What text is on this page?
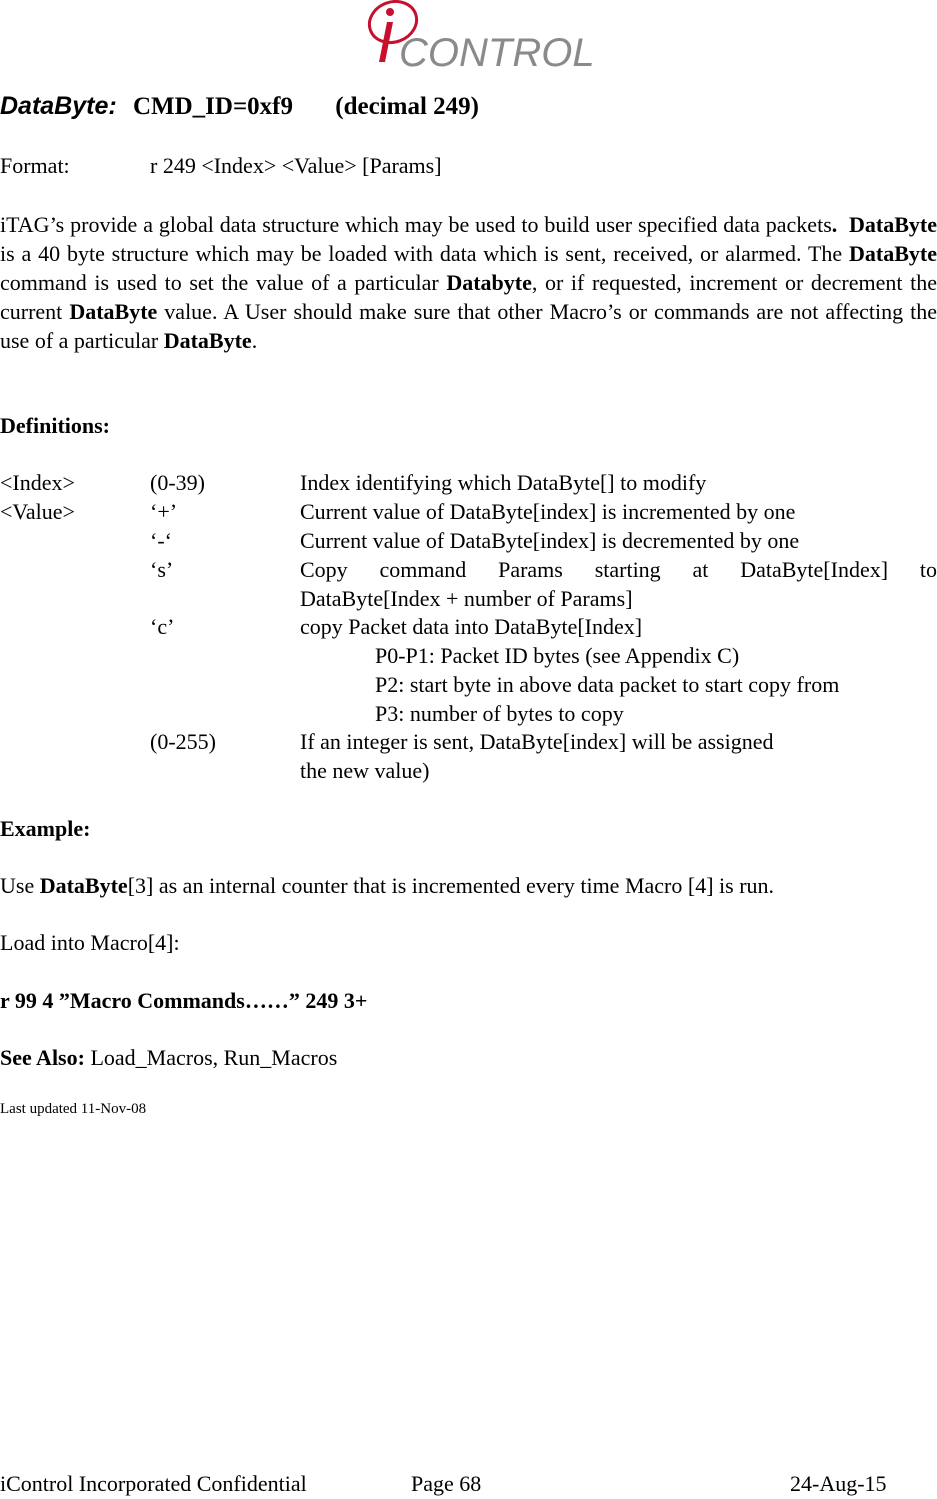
CONTROL
DataByte: CMD_ID=0xf9 (decimal 249)
Format:	r 249 <Index> <Value> [Params]
iTAG’s provide a global data structure which may be used to build user specified data packets. DataByte is a 40 byte structure which may be loaded with data which is sent, received, or alarmed. The DataByte command is used to set the value of a particular Databyte, or if requested, increment or decrement the current DataByte value. A User should make sure that other Macro’s or commands are not affecting the use of a particular DataByte.
Definitions:
<Index>	(0-39)	Index identifying which DataByte[] to modify
<Value>	‘+’	Current value of DataByte[index] is incremented by one
‘-‘	Current value of DataByte[index] is decremented by one
‘s’	Copy command Params starting at DataByte[Index] to
DataByte[Index + number of Params]
‘c’	copy Packet data into DataByte[Index]
P0-P1: Packet ID bytes (see Appendix C)
P2: start byte in above data packet to start copy from
P3: number of bytes to copy
(0-255)	If an integer is sent, DataByte[index] will be assigned
the new value)
Example:
Use DataByte[3] as an internal counter that is incremented every time Macro [4] is run.
Load into Macro[4]:
r 99 4 ”Macro Commands……” 249 3+
See Also: Load_Macros, Run_Macros
Last updated 11-Nov-08
iControl Incorporated Confidential	Page 68	24-Aug-15
